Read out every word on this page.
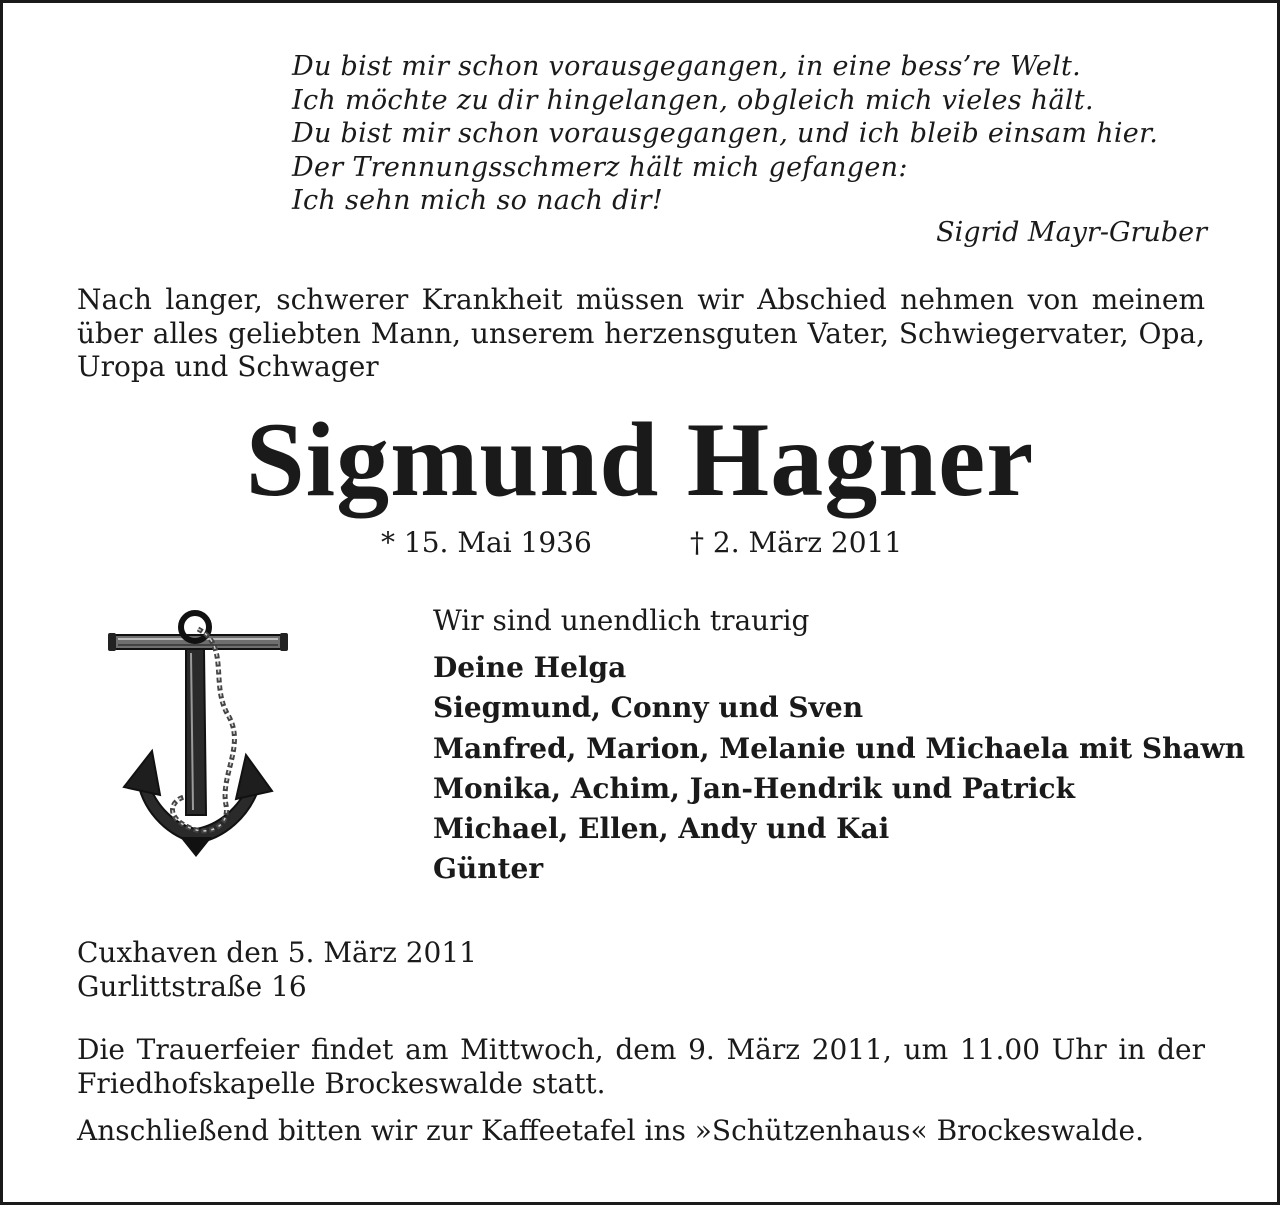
Du bist mir schon vorausgegangen, in eine bess’re Welt.
Ich möchte zu dir hingelangen, obgleich mich vieles hält.
Du bist mir schon vorausgegangen, und ich bleib einsam hier.
Der Trennungsschmerz hält mich gefangen:
Ich sehn mich so nach dir!
Sigrid Mayr-Gruber
Nach langer, schwerer Krankheit müssen wir Abschied nehmen von meinem über alles geliebten Mann, unserem herzensguten Vater, Schwiegervater, Opa, Uropa und Schwager
Sigmund Hagner
* 15. Mai 1936	† 2. März 2011
Wir sind unendlich traurig
Deine Helga
Siegmund, Conny und Sven
Manfred, Marion, Melanie und Michaela mit Shawn
Monika, Achim, Jan-Hendrik und Patrick
Michael, Ellen, Andy und Kai
Günter
Cuxhaven den 5. März 2011
Gurlittstraße 16
Die Trauerfeier findet am Mittwoch, dem 9. März 2011, um 11.00 Uhr in der Friedhofskapelle Brockeswalde statt.
Anschließend bitten wir zur Kaffeetafel ins »Schützenhaus« Brockeswalde.
